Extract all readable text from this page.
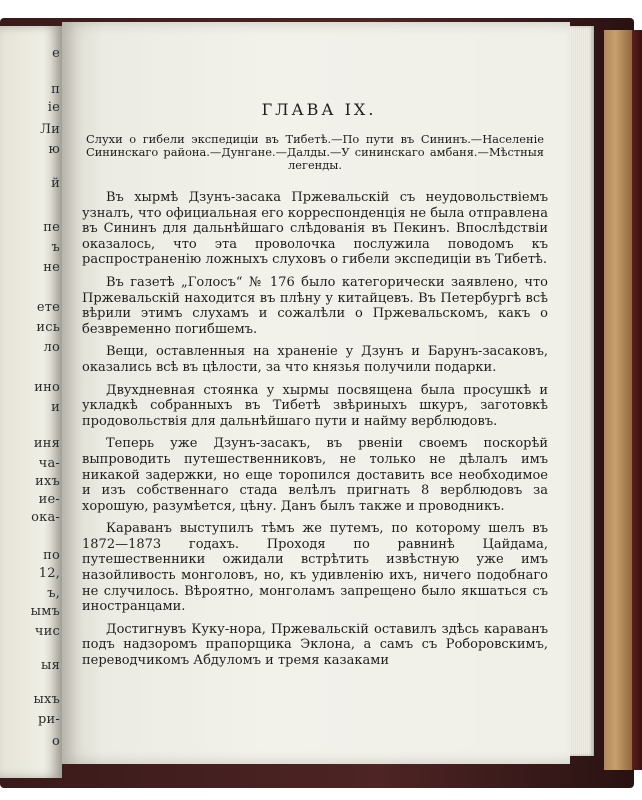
е
п
іе
Ли
ю
й
пе
ъ
не
ете
ись
ло
ино
и
иня
ча-
ихъ
ие-
ока-
по
12,
ъ,
ымъ
чис
ыя
ыхъ
ри-
о
ГЛАВА IX.
Слухи о гибели экспедиціи въ Тибетѣ.—По пути въ Сининъ.—Населеніе Сининскаго района.—Дунгане.—Далды.—У сининскаго амбаня.—Мѣстныя легенды.

Въ хырмѣ Дзунъ-засака Пржевальскій съ неудовольствіемъ узналъ, что официальная его корреспонденція не была отправлена въ Сининъ для дальнѣйшаго слѣдованія въ Пекинъ. Впослѣдствіи оказалось, что эта проволочка послужила поводомъ къ распространенію ложныхъ слуховъ о гибели экспедиціи въ Тибетѣ.

Въ газетѣ „Голосъ“ № 176 было категорически заявлено, что Пржевальскій находится въ плѣну у китайцевъ. Въ Петербургѣ всѣ вѣрили этимъ слухамъ и сожалѣли о Пржевальскомъ, какъ о безвременно погибшемъ.

Вещи, оставленныя на храненіе у Дзунъ и Барунъ-засаковъ, оказались всѣ въ цѣлости, за что князья получили подарки.

Двухдневная стоянка у хырмы посвящена была просушкѣ и укладкѣ собранныхъ въ Тибетѣ звѣриныхъ шкуръ, заготовкѣ продовольствія для дальнѣйшаго пути и найму верблюдовъ.

Теперь уже Дзунъ-засакъ, въ рвеніи своемъ поскорѣй выпроводить путешественниковъ, не только не дѣлалъ имъ никакой задержки, но еще торопился доставить все необходимое и изъ собственнаго стада велѣлъ пригнать 8 верблюдовъ за хорошую, разумѣется, цѣну. Данъ былъ также и проводникъ.

Караванъ выступилъ тѣмъ же путемъ, по которому шелъ въ 1872—1873 годахъ. Проходя по равнинѣ Цайдама, путешественники ожидали встрѣтить извѣстную уже имъ назойливость монголовъ, но, къ удивленію ихъ, ничего подобнаго не случилось. Вѣроятно, монголамъ запрещено было якшаться съ иностранцами.

Достигнувъ Куку-нора, Пржевальскій оставилъ здѣсь караванъ подъ надзоромъ прапорщика Эклона, а самъ съ Роборовскимъ, переводчикомъ Абдуломъ и тремя казаками
